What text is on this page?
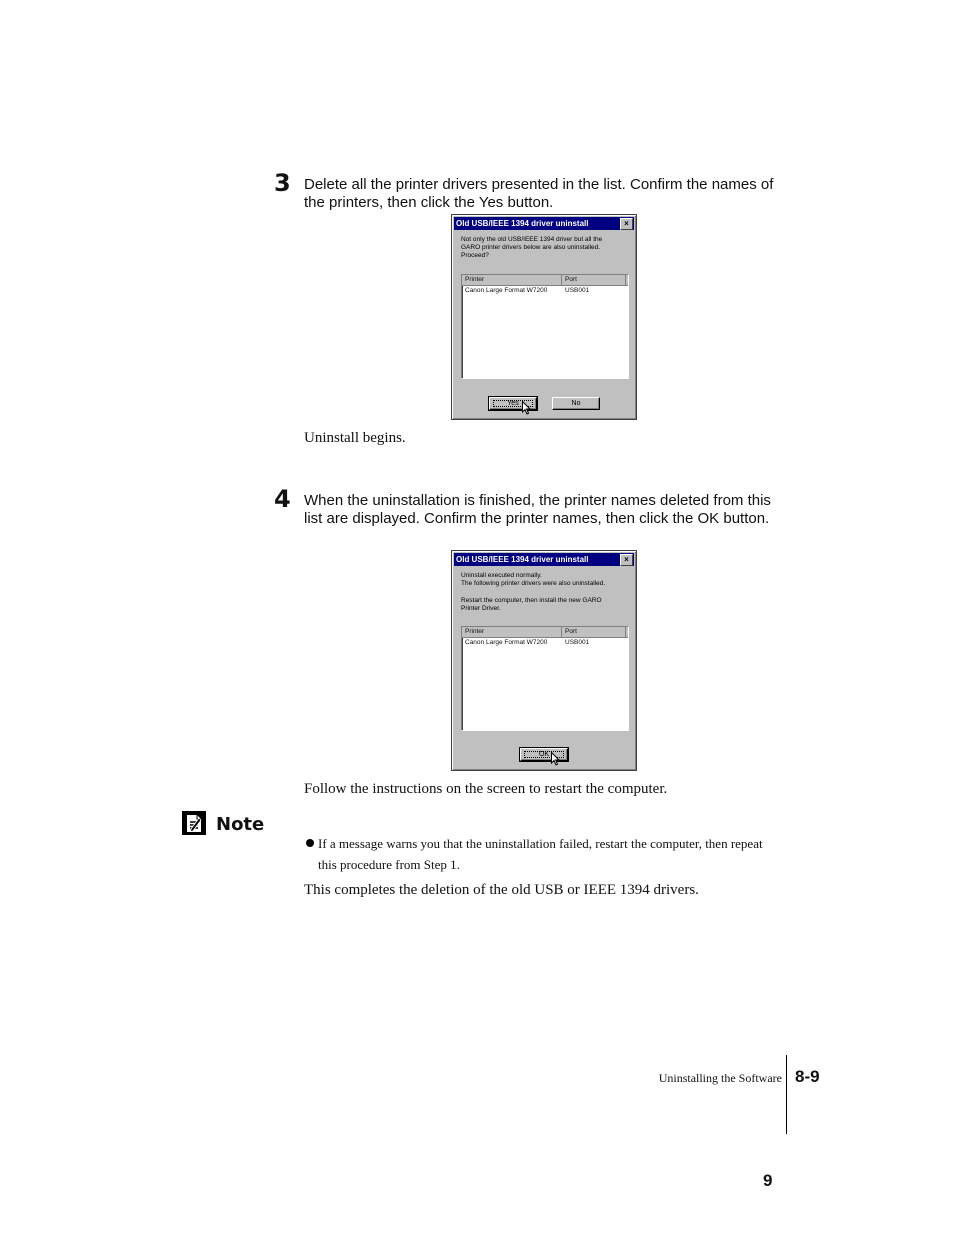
3 Delete all the printer drivers presented in the list. Confirm the names of the printers, then click the Yes button.
Old USB/IEEE 1394 driver uninstall	×
Not only the old USB/IEEE 1394 driver but all the
GARO printer drivers below are also uninstalled.
Proceed?
Printer	Port
Canon Large Format W7200	USB001
Yes	No
Uninstall begins.
4 When the uninstallation is finished, the printer names deleted from this list are displayed. Confirm the printer names, then click the OK button.
Old USB/IEEE 1394 driver uninstall	×
Uninstall executed normally.
The following printer drivers were also uninstalled.

Restart the computer, then install the new GARO
Printer Driver.
Printer	Port
Canon Large Format W7200	USB001
OK
Follow the instructions on the screen to restart the computer.
Note
If a message warns you that the uninstallation failed, restart the computer, then repeat this procedure from Step 1.
This completes the deletion of the old USB or IEEE 1394 drivers.
Uninstalling the Software 8-9
9
